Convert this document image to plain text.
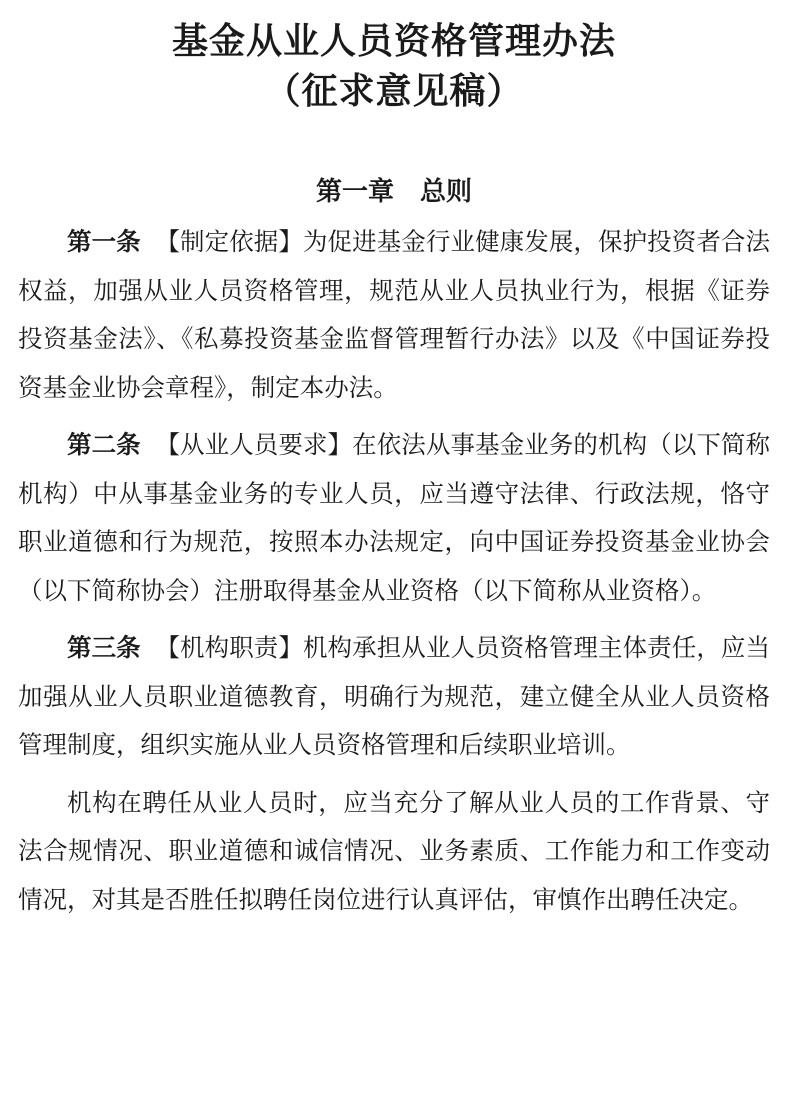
基金从业人员资格管理办法
（征求意见稿）
第一章　总则

第一条 【制定依据】为促进基金行业健康发展，保护投资者合法权益，加强从业人员资格管理，规范从业人员执业行为，根据《证券投资基金法》、《私募投资基金监督管理暂行办法》以及《中国证券投资基金业协会章程》，制定本办法。

第二条 【从业人员要求】在依法从事基金业务的机构（以下简称机构）中从事基金业务的专业人员，应当遵守法律、行政法规，恪守职业道德和行为规范，按照本办法规定，向中国证券投资基金业协会（以下简称协会）注册取得基金从业资格（以下简称从业资格）。

第三条 【机构职责】机构承担从业人员资格管理主体责任，应当加强从业人员职业道德教育，明确行为规范，建立健全从业人员资格管理制度，组织实施从业人员资格管理和后续职业培训。

机构在聘任从业人员时，应当充分了解从业人员的工作背景、守法合规情况、职业道德和诚信情况、业务素质、工作能力和工作变动情况，对其是否胜任拟聘任岗位进行认真评估，审慎作出聘任决定。
